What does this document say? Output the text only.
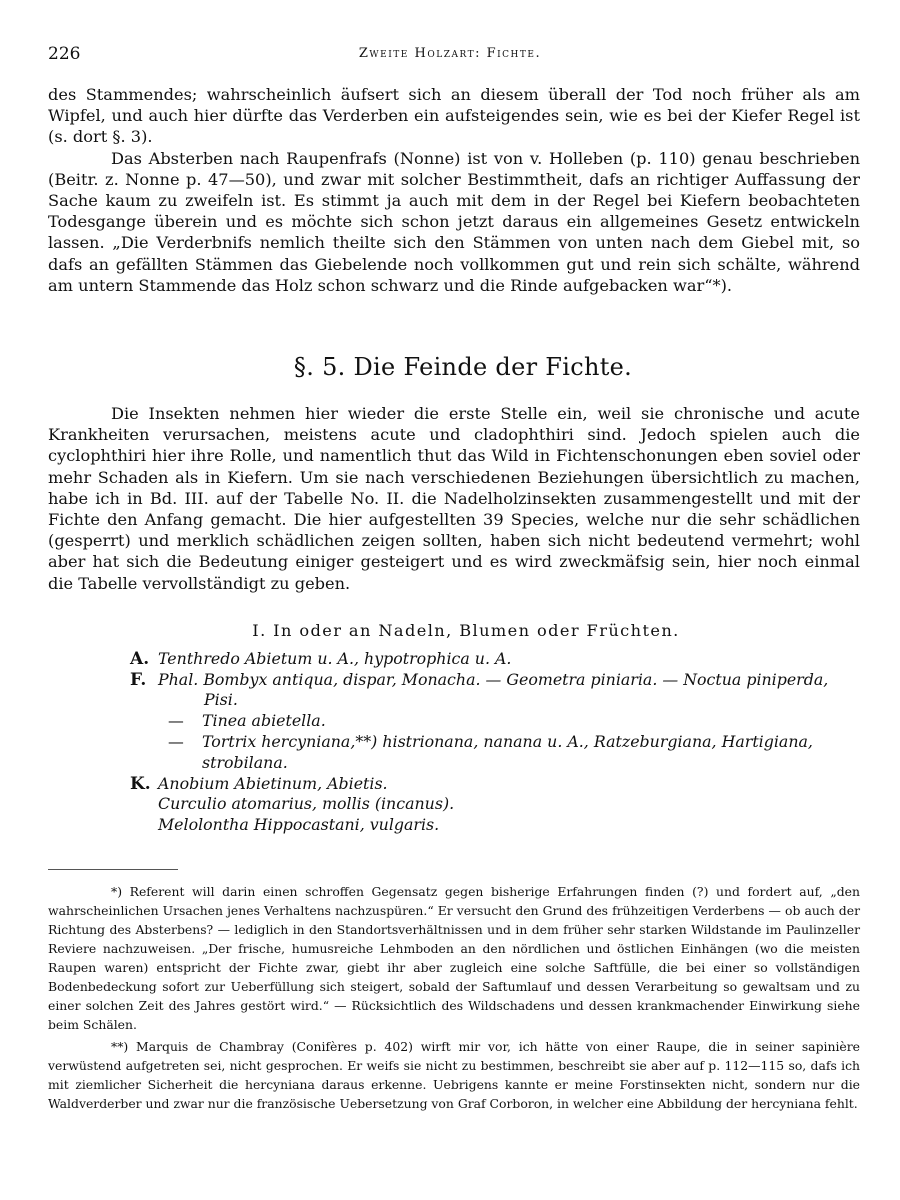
226	Zweite Holzart: Fichte.

des Stammendes; wahrscheinlich äufsert sich an diesem überall der Tod noch früher als am Wipfel, und auch hier dürfte das Verderben ein aufsteigendes sein, wie es bei der Kiefer Regel ist (s. dort §. 3).

Das Absterben nach Raupenfrafs (Nonne) ist von v. Holleben (p. 110) genau beschrieben (Beitr. z. Nonne p. 47—50), und zwar mit solcher Bestimmtheit, dafs an richtiger Auffassung der Sache kaum zu zweifeln ist. Es stimmt ja auch mit dem in der Regel bei Kiefern beobachteten Todesgange überein und es möchte sich schon jetzt daraus ein allgemeines Gesetz entwickeln lassen. „Die Verderbnifs nemlich theilte sich den Stämmen von unten nach dem Giebel mit, so dafs an gefällten Stämmen das Giebelende noch vollkommen gut und rein sich schälte, während am untern Stammende das Holz schon schwarz und die Rinde aufgebacken war“*).

§. 5. Die Feinde der Fichte.

Die Insekten nehmen hier wieder die erste Stelle ein, weil sie chronische und acute Krankheiten verursachen, meistens acute und cladophthiri sind. Jedoch spielen auch die cyclophthiri hier ihre Rolle, und namentlich thut das Wild in Fichtenschonungen eben soviel oder mehr Schaden als in Kiefern. Um sie nach verschiedenen Beziehungen übersichtlich zu machen, habe ich in Bd. III. auf der Tabelle No. II. die Nadelholzinsekten zusammengestellt und mit der Fichte den Anfang gemacht. Die hier aufgestellten 39 Species, welche nur die sehr schädlichen (gesperrt) und merklich schädlichen zeigen sollten, haben sich nicht bedeutend vermehrt; wohl aber hat sich die Bedeutung einiger gesteigert und es wird zweckmäfsig sein, hier noch einmal die Tabelle vervollständigt zu geben.

I. In oder an Nadeln, Blumen oder Früchten.
A. Tenthredo Abietum u. A., hypotrophica u. A.
F. Phal. Bombyx antiqua, dispar, Monacha. — Geometra piniaria. — Noctua piniperda,
Pisi.
— Tinea abietella.
— Tortrix hercyniana,**) histrionana, nanana u. A., Ratzeburgiana, Hartigiana,
strobilana.
K. Anobium Abietinum, Abietis.
Curculio atomarius, mollis (incanus).
Melolontha Hippocastani, vulgaris.

*) Referent will darin einen schroffen Gegensatz gegen bisherige Erfahrungen finden (?) und fordert auf, „den wahrscheinlichen Ursachen jenes Verhaltens nachzuspüren.“ Er versucht den Grund des frühzeitigen Verderbens — ob auch der Richtung des Absterbens? — lediglich in den Standortsverhältnissen und in dem früher sehr starken Wildstande im Paulinzeller Reviere nachzuweisen. „Der frische, humusreiche Lehmboden an den nördlichen und östlichen Einhängen (wo die meisten Raupen waren) entspricht der Fichte zwar, giebt ihr aber zugleich eine solche Saftfülle, die bei einer so vollständigen Bodenbedeckung sofort zur Ueberfüllung sich steigert, sobald der Saftumlauf und dessen Verarbeitung so gewaltsam und zu einer solchen Zeit des Jahres gestört wird.“ — Rücksichtlich des Wildschadens und dessen krankmachender Einwirkung siehe beim Schälen.

**) Marquis de Chambray (Conifères p. 402) wirft mir vor, ich hätte von einer Raupe, die in seiner sapinière verwüstend aufgetreten sei, nicht gesprochen. Er weifs sie nicht zu bestimmen, beschreibt sie aber auf p. 112—115 so, dafs ich mit ziemlicher Sicherheit die hercyniana daraus erkenne. Uebrigens kannte er meine Forstinsekten nicht, sondern nur die Waldverderber und zwar nur die französische Uebersetzung von Graf Corboron, in welcher eine Abbildung der hercyniana fehlt.
